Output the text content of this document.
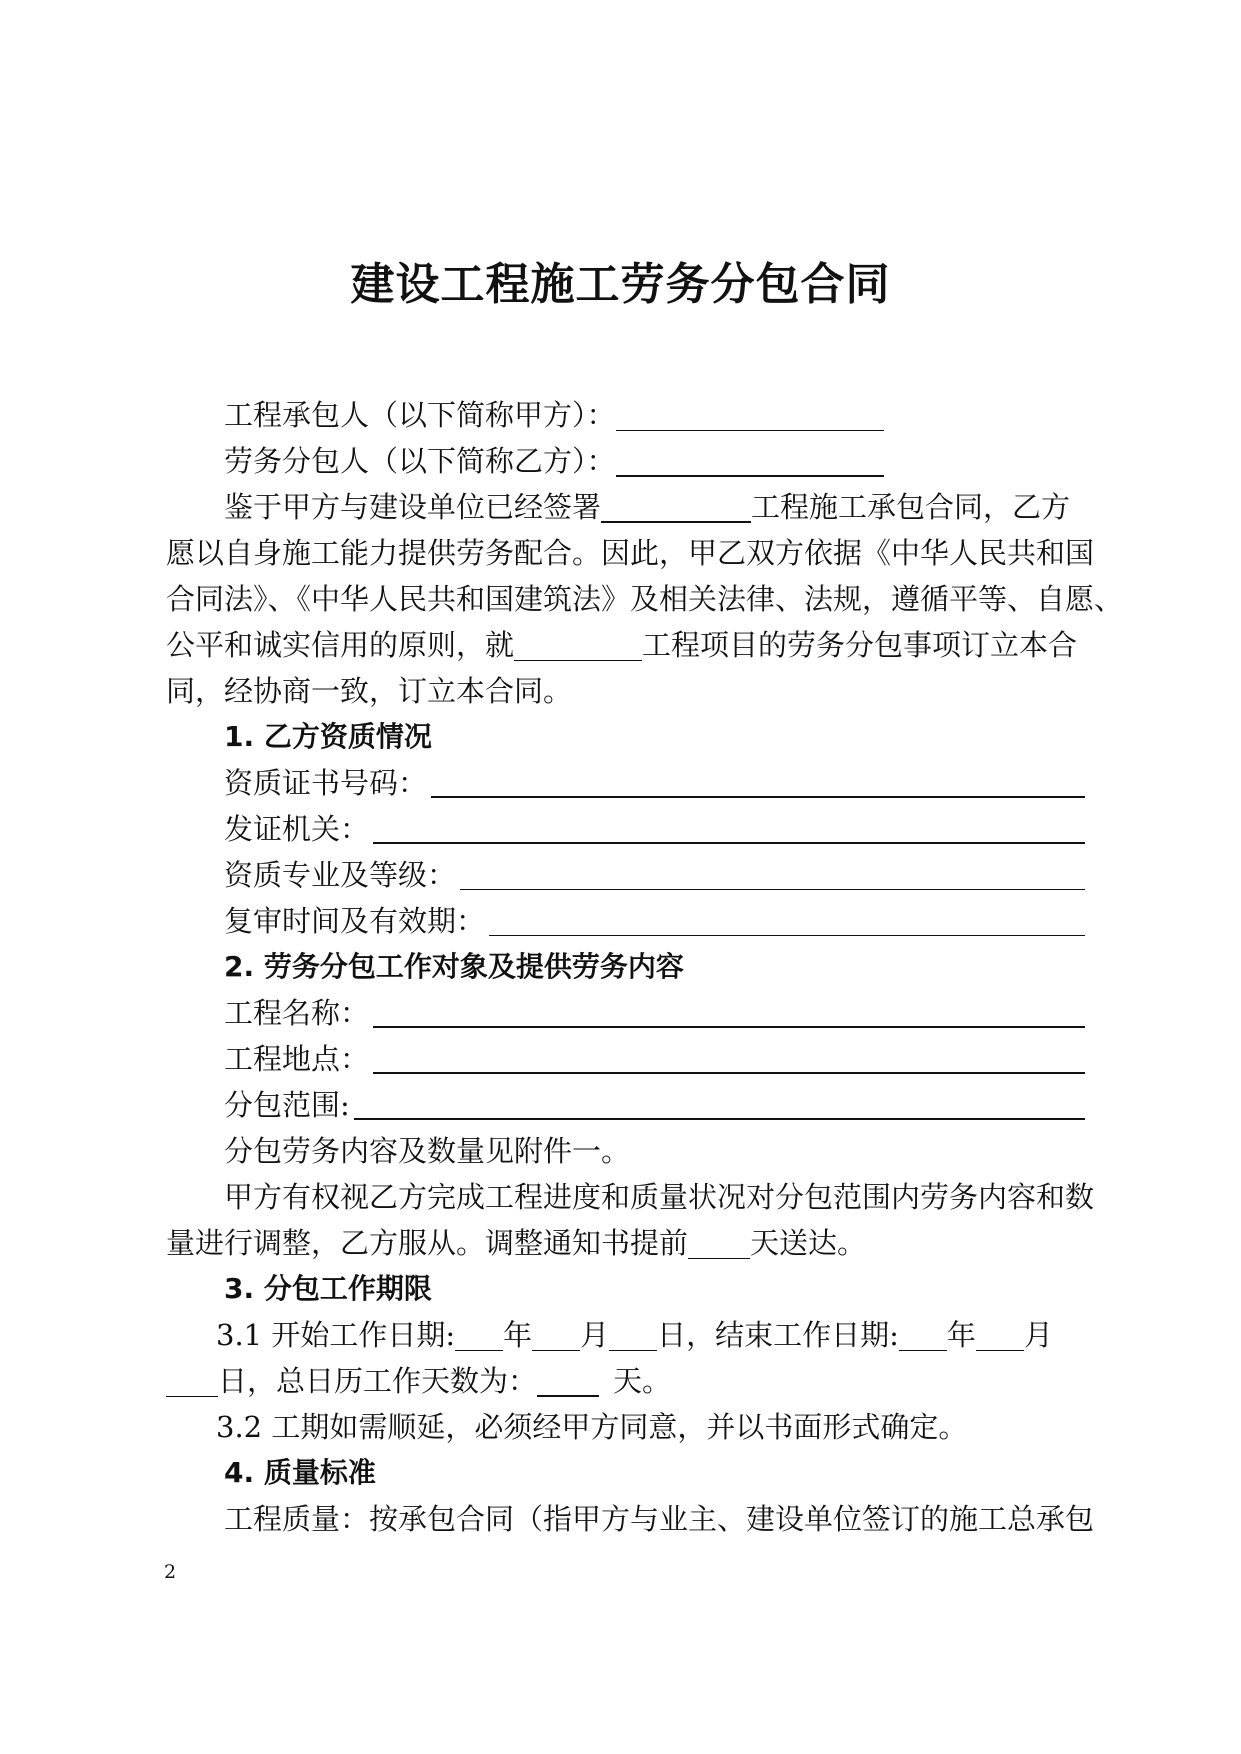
建设工程施工劳务分包合同
工程承包人（以下简称甲方）：
劳务分包人（以下简称乙方）：
鉴于甲方与建设单位已经签署	工程施工承包合同，乙方
愿以自身施工能力提供劳务配合。因此，甲乙双方依据《中华人民共和国
合同法》、《中华人民共和国建筑法》及相关法律、法规，遵循平等、自愿、
公平和诚实信用的原则，就	工程项目的劳务分包事项订立本合
同，经协商一致，订立本合同。
1. 乙方资质情况
资质证书号码：
发证机关：
资质专业及等级：
复审时间及有效期：
2. 劳务分包工作对象及提供劳务内容
工程名称：
工程地点：
分包范围:
分包劳务内容及数量见附件一。
甲方有权视乙方完成工程进度和质量状况对分包范围内劳务内容和数
量进行调整，乙方服从。调整通知书提前 天送达。
3. 分包工作期限
3.1 开始工作日期: 年 月 日，结束工作日期: 年 月
日，总日历工作天数为：	天。
3.2 工期如需顺延，必须经甲方同意，并以书面形式确定。
4. 质量标准
工程质量：按承包合同（指甲方与业主、建设单位签订的施工总承包
2
